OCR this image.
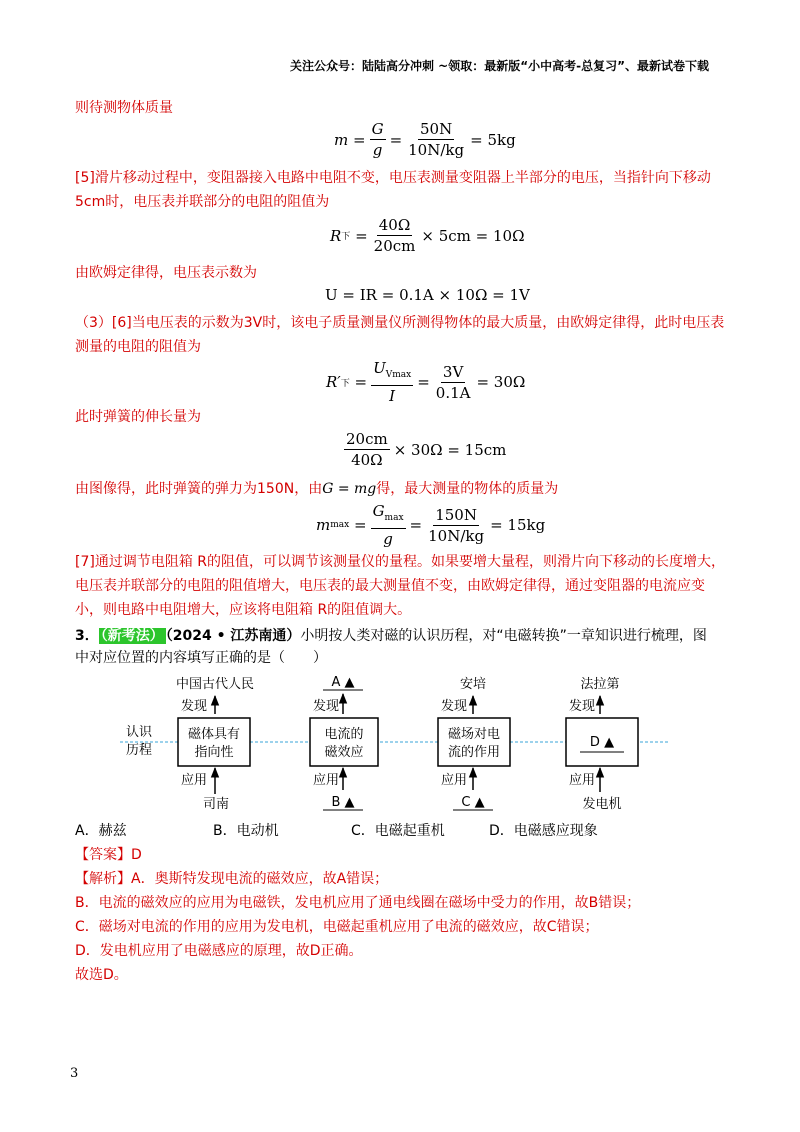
关注公众号：陆陆高分冲刺 ~领取：最新版“小中高考-总复习”、最新试卷下载
则待测物体质量
$m = \frac{G}{g} = \frac{50N}{10N/kg} = 5kg$
[5]滑片移动过程中，变阻器接入电路中电阻不变，电压表测量变阻器上半部分的电压，当指针向下移动
5cm时，电压表并联部分的电阻的阻值为
R 下 = $\frac{40\Omega}{20cm} \times 5cm = 10\Omega$
由欧姆定律得，电压表示数为
U = IR = 0.1A × 10Ω = 1V
（3）[6]当电压表的示数为3V时，该电子质量测量仪所测得物体的最大质量，由欧姆定律得，此时电压表
测量的电阻的阻值为
R′ 下 = $\frac{U_{Vmax}}{I} = \frac{3V}{0.1A} = 30\Omega$
此时弹簧的伸长量为
$\frac{20cm}{40\Omega} \times 30\Omega = 15cm$
由图像得，此时弹簧的弹力为150N，由G = mg得，最大测量的物体的质量为
m $\max = \frac{G_{max}}{g} = \frac{150N}{10N/kg} = 15kg$
[7]通过调节电阻箱 R的阻值，可以调节该测量仪的量程。如果要增大量程，则滑片向下移动的长度增大，
电压表并联部分的电阻的阻值增大，电压表的最大测量值不变，由欧姆定律得，通过变阻器的电流应变
小，则电路中电阻增大，应该将电阻箱 R的阻值调大。
3． （新考法） （2024 • 江苏南通）小明按人类对磁的认识历程，对“电磁转换”一章知识进行梳理，图
中对应位置的内容填写正确的是（　　）
认识
历程
中国古代人民
发现
磁体具有
指向性
应用
司南
A ▲
发现
电流的
磁效应
应用
B ▲
安培
发现
磁场对电
流的作用
应用
C ▲
法拉第
发现
D ▲
应用
发电机
A．赫兹	B．电动机	C．电磁起重机	D．电磁感应现象
【答案】D
【解析】A．奥斯特发现电流的磁效应，故A错误；
B．电流的磁效应的应用为电磁铁，发电机应用了通电线圈在磁场中受力的作用，故B错误；
C．磁场对电流的作用的应用为发电机，电磁起重机应用了电流的磁效应，故C错误；
D．发电机应用了电磁感应的原理，故D正确。
故选D。
3
